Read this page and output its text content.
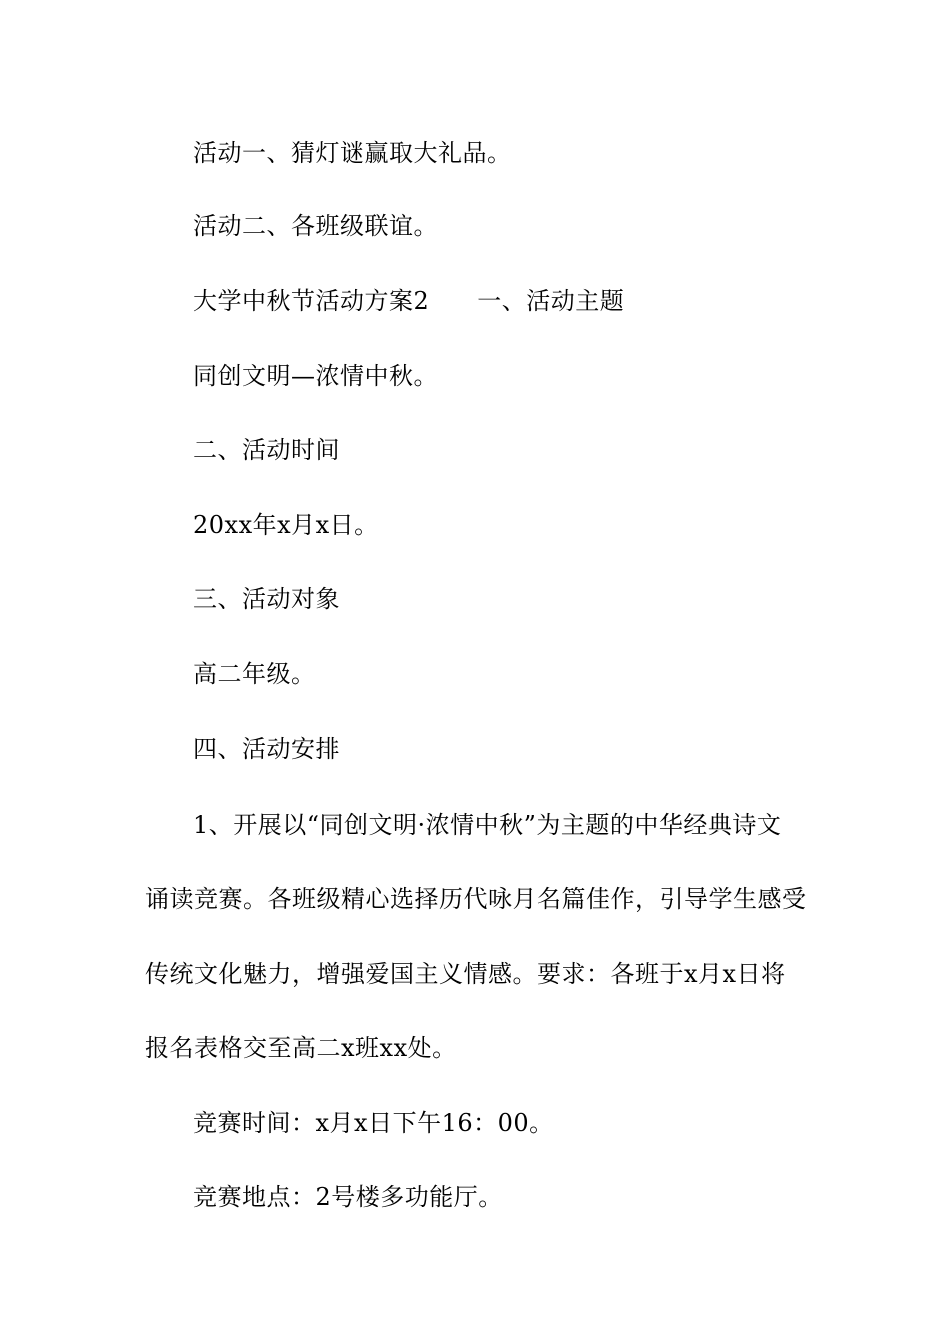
活动一、猜灯谜赢取大礼品。
活动二、各班级联谊。
大学中秋节活动方案2 一、活动主题
同创文明—浓情中秋。
二、活动时间
20xx年x月x日。
三、活动对象
高二年级。
四、活动安排
1、开展以“同创文明·浓情中秋”为主题的中华经典诗文
诵读竞赛。各班级精心选择历代咏月名篇佳作，引导学生感受
传统文化魅力，增强爱国主义情感。要求：各班于x月x日将
报名表格交至高二x班xx处。
竞赛时间：x月x日下午16：00。
竞赛地点：2号楼多功能厅。
